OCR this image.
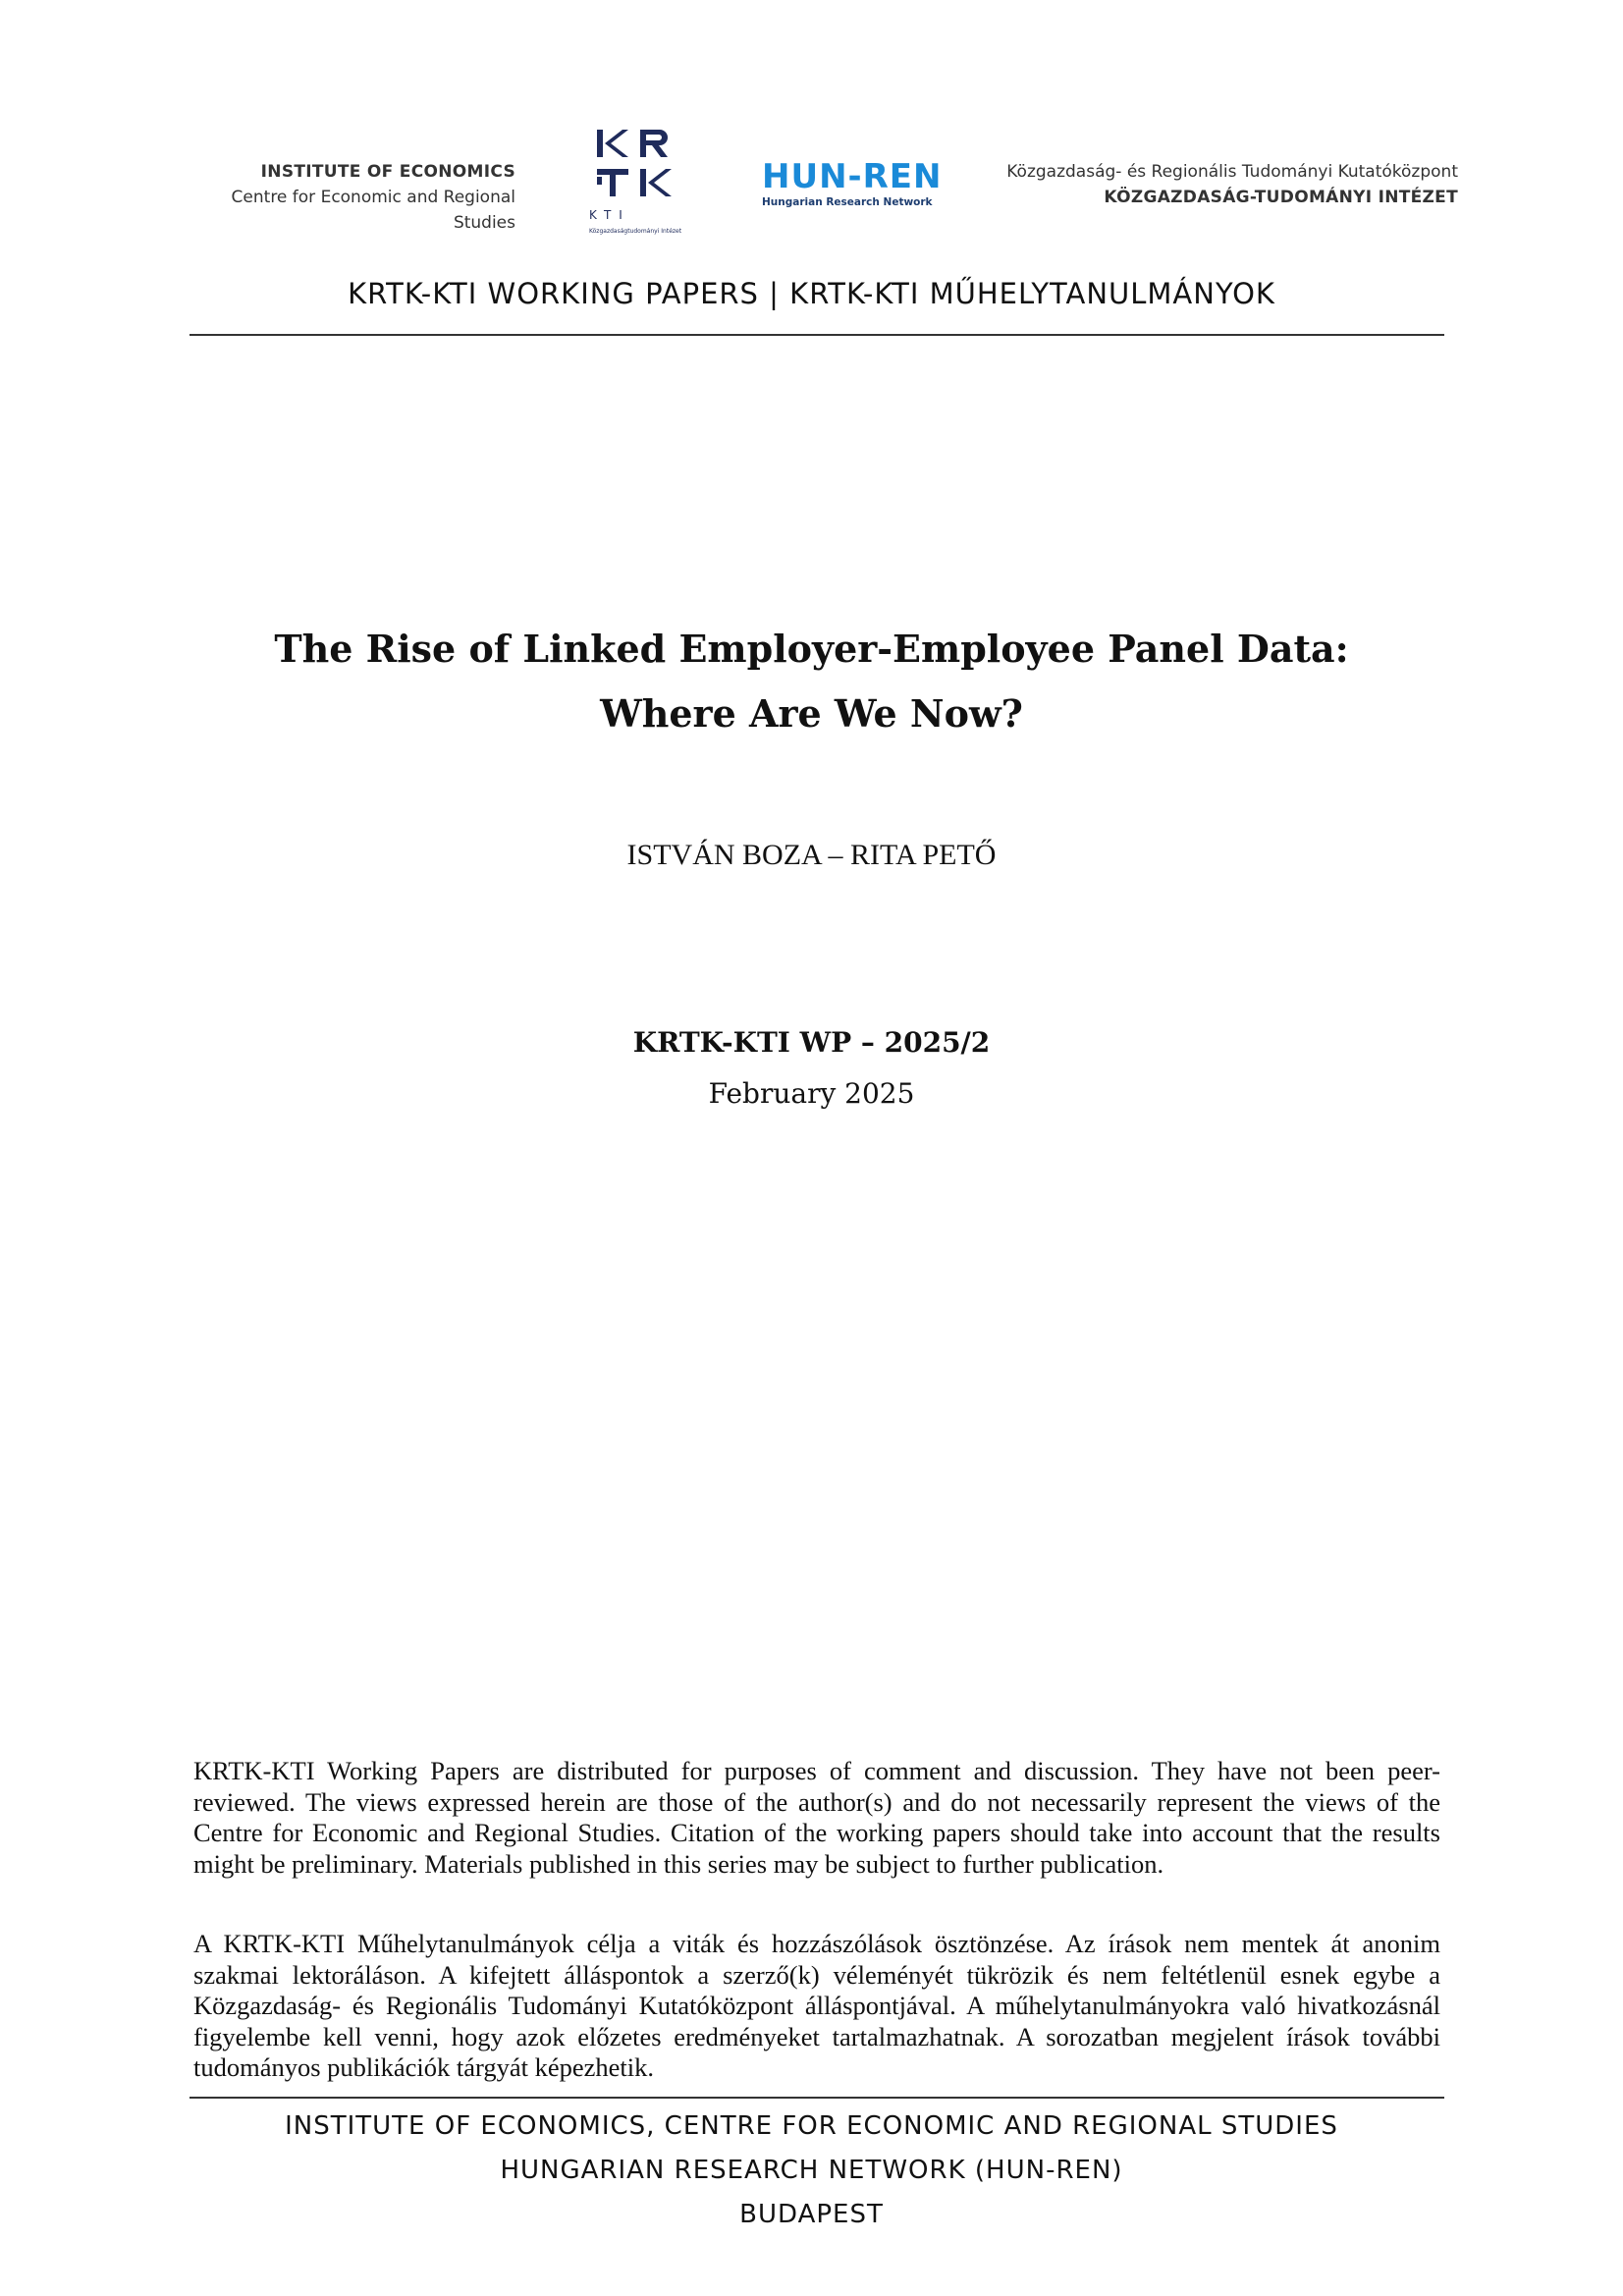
INSTITUTE OF ECONOMICS
Centre for Economic and Regional Studies	KTI
Közgazdaságtudományi Intézet
HUN-REN
Hungarian Research Network
Közgazdaság- és Regionális Tudományi Kutatóközpont
KÖZGAZDASÁG-TUDOMÁNYI INTÉZET
KRTK-KTI WORKING PAPERS | KRTK-KTI MŰHELYTANULMÁNYOK
The Rise of Linked Employer-Employee Panel Data:
Where Are We Now?
ISTVÁN BOZA – RITA PETŐ
KRTK-KTI WP – 2025/2
February 2025
KRTK-KTI Working Papers are distributed for purposes of comment and discussion. They have not been peer-reviewed. The views expressed herein are those of the author(s) and do not necessarily represent the views of the Centre for Economic and Regional Studies. Citation of the working papers should take into account that the results might be preliminary. Materials published in this series may be subject to further publication.
A KRTK-KTI Műhelytanulmányok célja a viták és hozzászólások ösztönzése. Az írások nem mentek át anonim szakmai lektoráláson. A kifejtett álláspontok a szerző(k) véleményét tükrözik és nem feltétlenül esnek egybe a Közgazdaság- és Regionális Tudományi Kutatóközpont álláspontjával. A műhelytanulmányokra való hivatkozásnál figyelembe kell venni, hogy azok előzetes eredményeket tartalmazhatnak. A sorozatban megjelent írások további tudományos publikációk tárgyát képezhetik.
INSTITUTE OF ECONOMICS, CENTRE FOR ECONOMIC AND REGIONAL STUDIES
HUNGARIAN RESEARCH NETWORK (HUN-REN)
BUDAPEST
